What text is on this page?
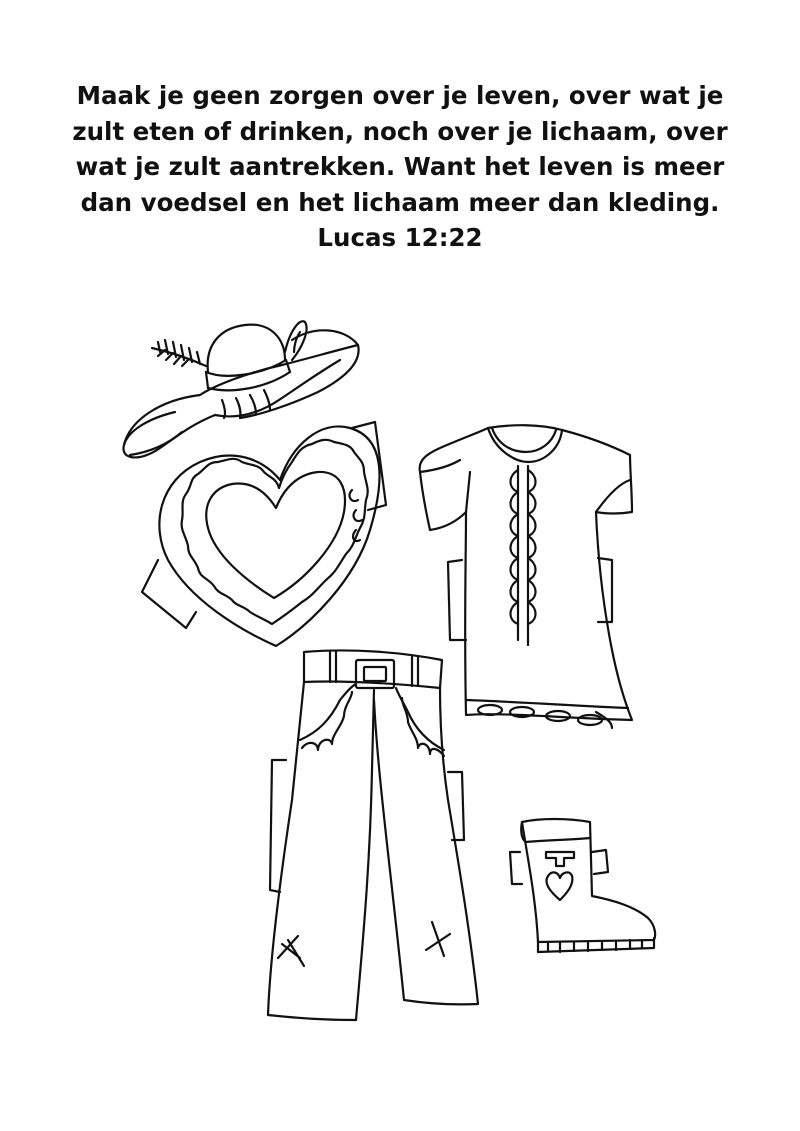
Maak je geen zorgen over je leven, over wat je
zult eten of drinken, noch over je lichaam, over
wat je zult aantrekken. Want het leven is meer
dan voedsel en het lichaam meer dan kleding.
Lucas 12:22
